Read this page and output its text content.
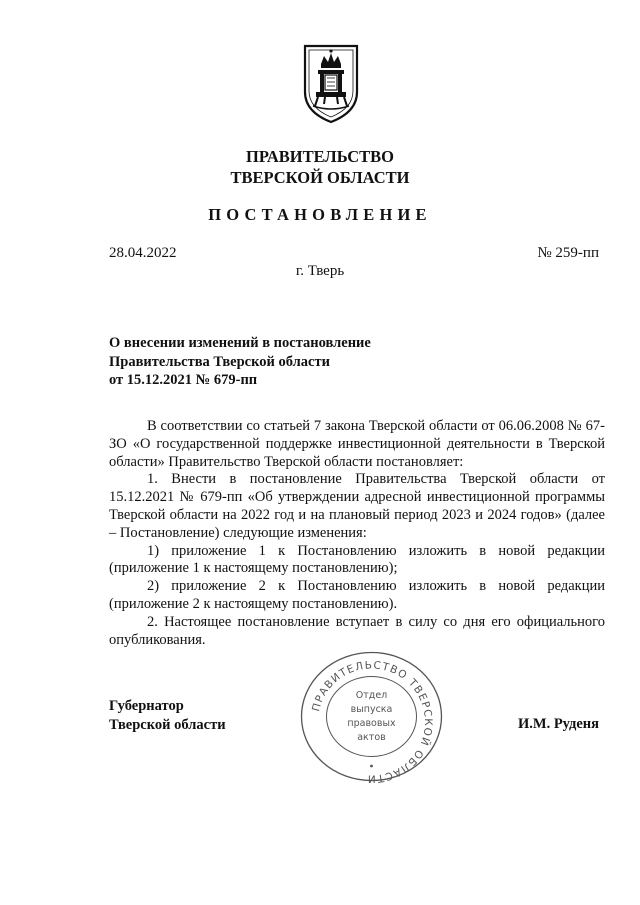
ПРАВИТЕЛЬСТВО
ТВЕРСКОЙ ОБЛАСТИ
ПОСТАНОВЛЕНИЕ
28.04.2022	№ 259-пп
г. Тверь
О внесении изменений в постановление
Правительства Тверской области
от 15.12.2021 № 679-пп

В соответствии со статьей 7 закона Тверской области от 06.06.2008 № 67-ЗО «О государственной поддержке инвестиционной деятельности в Тверской области» Правительство Тверской области постановляет:

1. Внести в постановление Правительства Тверской области от 15.12.2021 № 679-пп «Об утверждении адресной инвестиционной программы Тверской области на 2022 год и на плановый период 2023 и 2024 годов» (далее – Постановление) следующие изменения:

1) приложение 1 к Постановлению изложить в новой редакции (приложение 1 к настоящему постановлению);

2) приложение 2 к Постановлению изложить в новой редакции (приложение 2 к настоящему постановлению).

2. Настоящее постановление вступает в силу со дня его официального опубликования.

Губернатор
Тверской области	И.М. Руденя
ПРАВИТЕЛЬСТВО ТВЕРСКОЙ ОБЛАСТИ
Отдел
выпуска
правовых
актов
